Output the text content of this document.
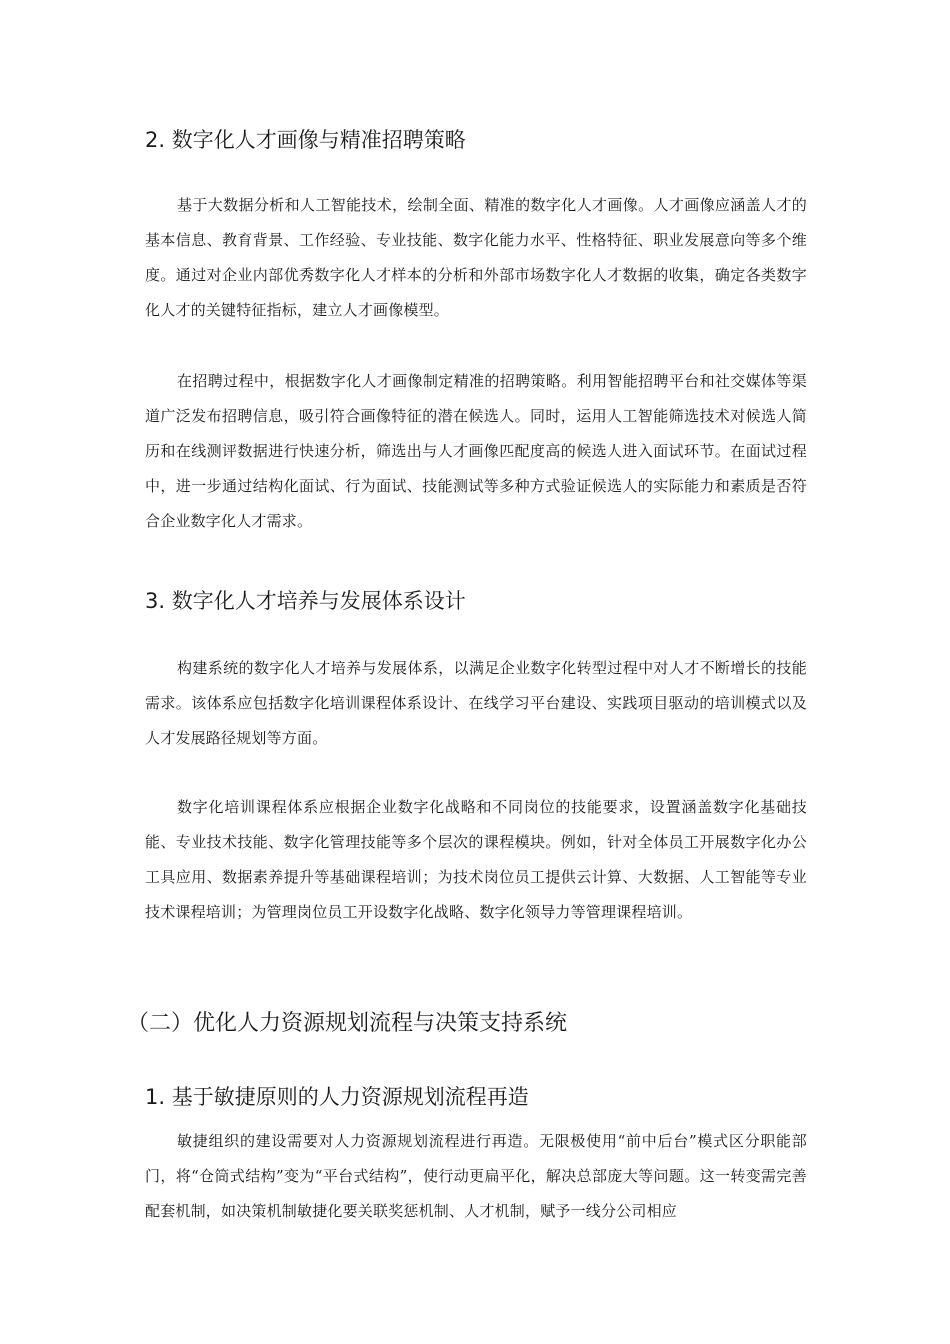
2. 数字化人才画像与精准招聘策略

基于大数据分析和人工智能技术，绘制全面、精准的数字化人才画像。人才画像应涵盖人才的基本信息、教育背景、工作经验、专业技能、数字化能力水平、性格特征、职业发展意向等多个维度。通过对企业内部优秀数字化人才样本的分析和外部市场数字化人才数据的收集，确定各类数字化人才的关键特征指标，建立人才画像模型。

在招聘过程中，根据数字化人才画像制定精准的招聘策略。利用智能招聘平台和社交媒体等渠道广泛发布招聘信息，吸引符合画像特征的潜在候选人。同时，运用人工智能筛选技术对候选人简历和在线测评数据进行快速分析，筛选出与人才画像匹配度高的候选人进入面试环节。在面试过程中，进一步通过结构化面试、行为面试、技能测试等多种方式验证候选人的实际能力和素质是否符合企业数字化人才需求。

3. 数字化人才培养与发展体系设计

构建系统的数字化人才培养与发展体系，以满足企业数字化转型过程中对人才不断增长的技能需求。该体系应包括数字化培训课程体系设计、在线学习平台建设、实践项目驱动的培训模式以及人才发展路径规划等方面。

数字化培训课程体系应根据企业数字化战略和不同岗位的技能要求，设置涵盖数字化基础技能、专业技术技能、数字化管理技能等多个层次的课程模块。例如，针对全体员工开展数字化办公工具应用、数据素养提升等基础课程培训；为技术岗位员工提供云计算、大数据、人工智能等专业技术课程培训；为管理岗位员工开设数字化战略、数字化领导力等管理课程培训。

（二）优化人力资源规划流程与决策支持系统
1. 基于敏捷原则的人力资源规划流程再造

敏捷组织的建设需要对人力资源规划流程进行再造。无限极使用“前中后台”模式区分职能部门，将“仓筒式结构”变为“平台式结构”，使行动更扁平化，解决总部庞大等问题。这一转变需完善配套机制，如决策机制敏捷化要关联奖惩机制、人才机制，赋予一线分公司相应
